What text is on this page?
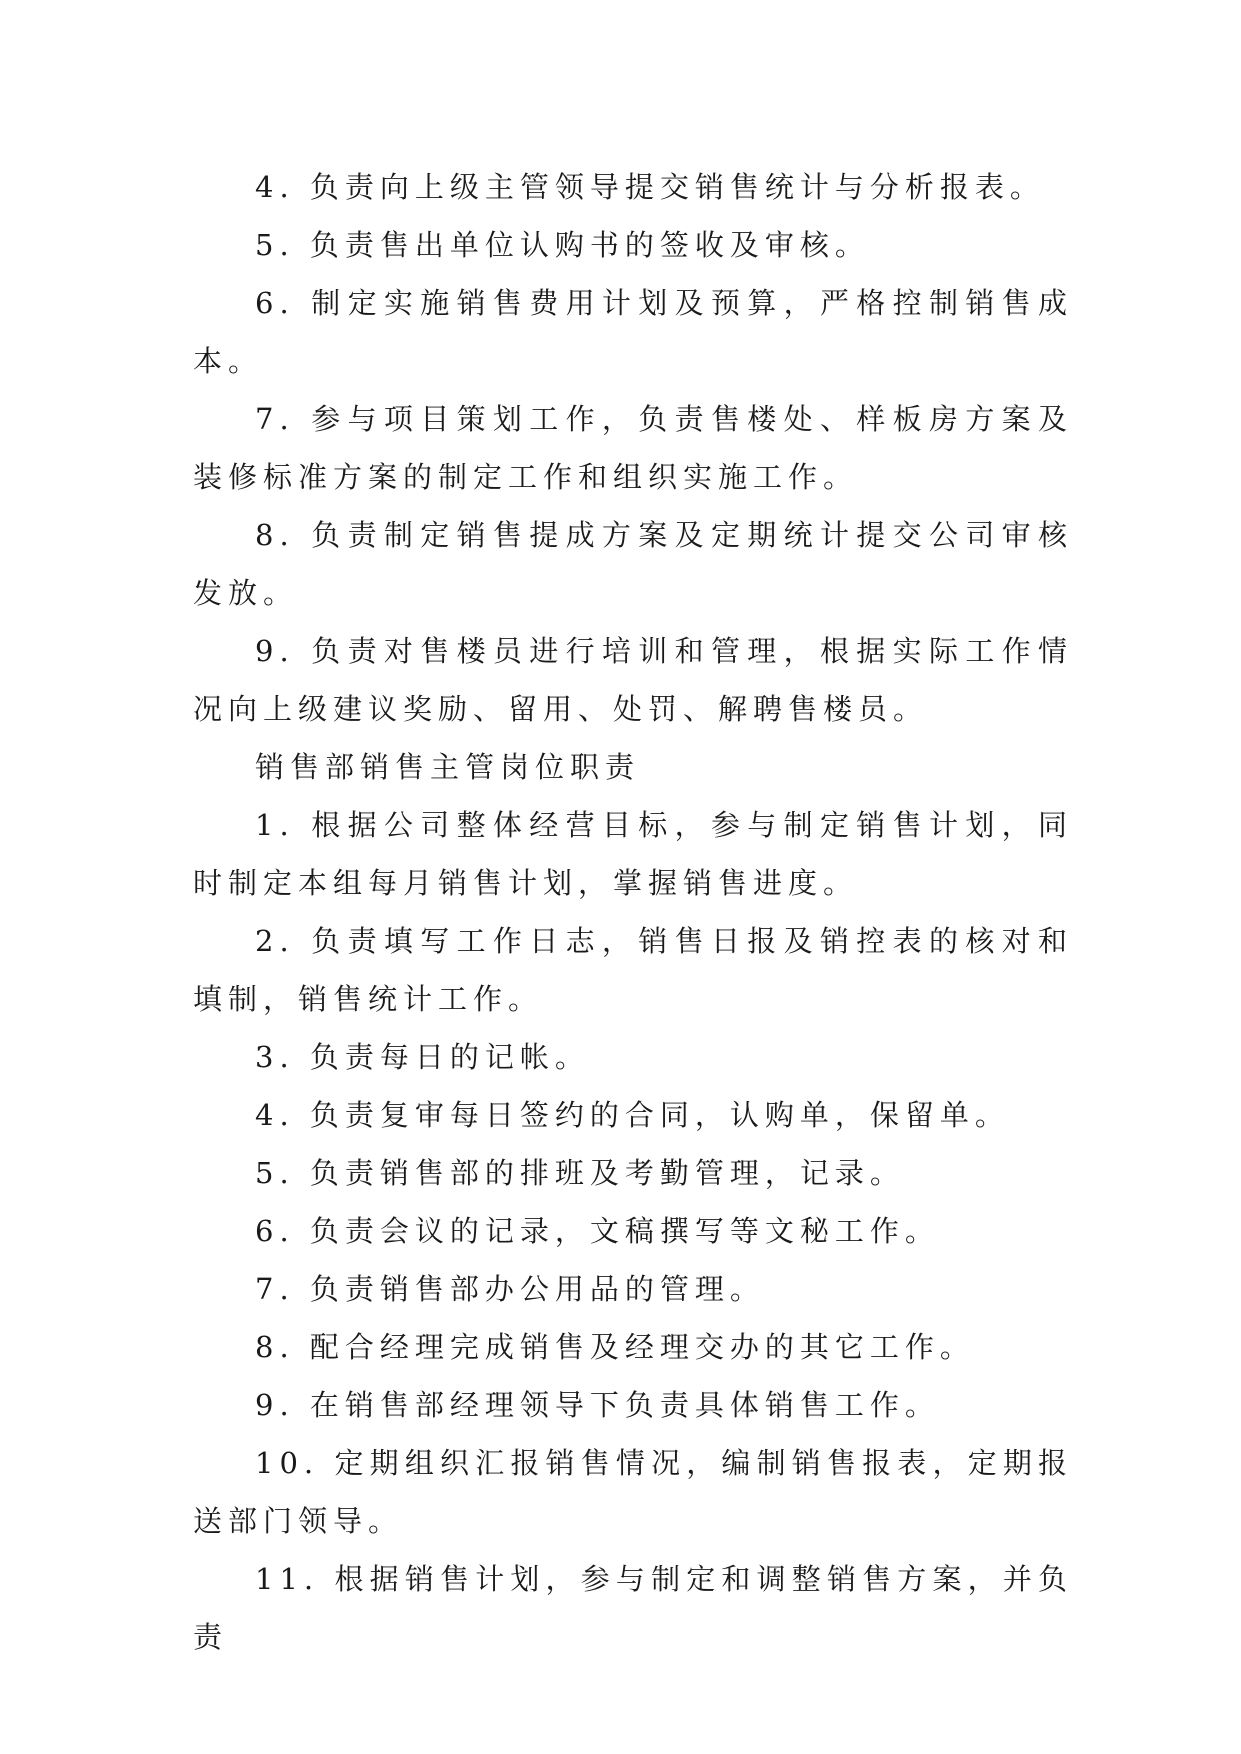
4. 负责向上级主管领导提交销售统计与分析报表。

5. 负责售出单位认购书的签收及审核。

6. 制定实施销售费用计划及预算，严格控制销售成本。

7. 参与项目策划工作，负责售楼处、样板房方案及装修标准方案的制定工作和组织实施工作。

8. 负责制定销售提成方案及定期统计提交公司审核发放。

9. 负责对售楼员进行培训和管理，根据实际工作情况向上级建议奖励、留用、处罚、解聘售楼员。

销售部销售主管岗位职责

1. 根据公司整体经营目标，参与制定销售计划，同时制定本组每月销售计划，掌握销售进度。

2. 负责填写工作日志，销售日报及销控表的核对和填制，销售统计工作。

3. 负责每日的记帐。

4. 负责复审每日签约的合同，认购单，保留单。

5. 负责销售部的排班及考勤管理，记录。

6. 负责会议的记录，文稿撰写等文秘工作。

7. 负责销售部办公用品的管理。

8. 配合经理完成销售及经理交办的其它工作。

9. 在销售部经理领导下负责具体销售工作。

10. 定期组织汇报销售情况，编制销售报表，定期报送部门领导。

11. 根据销售计划，参与制定和调整销售方案，并负责
